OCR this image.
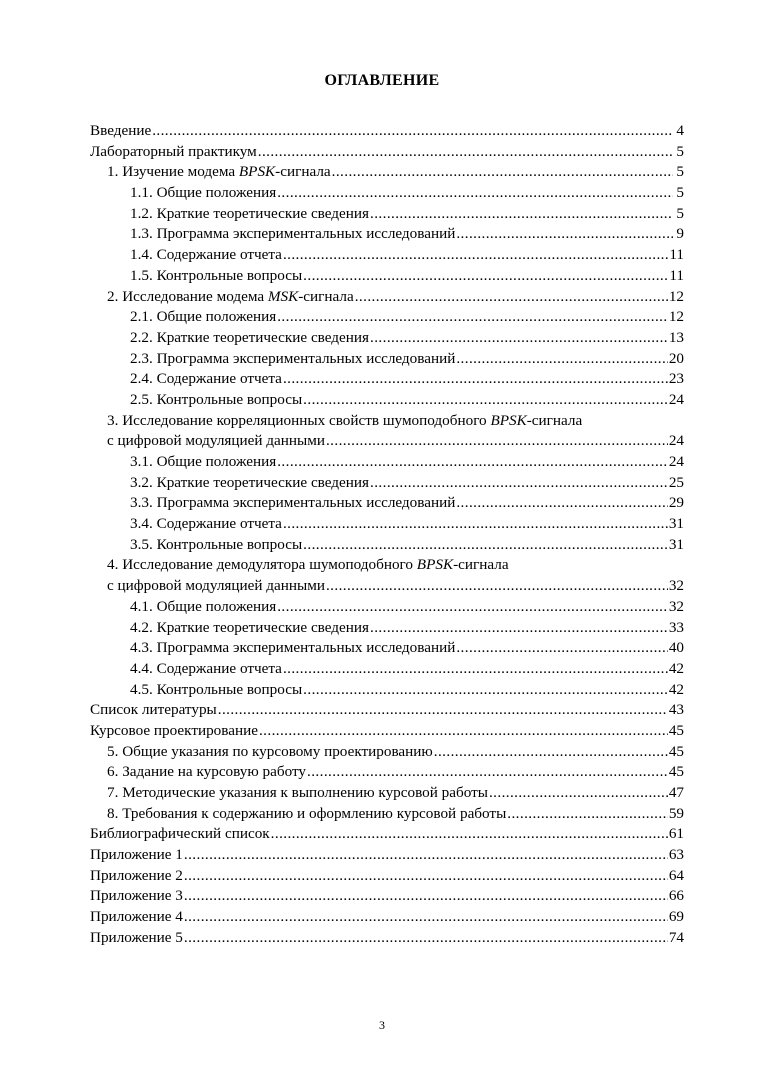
ОГЛАВЛЕНИЕ
Введение .....	4
Лабораторный практикум .....	5
1. Изучение модема BPSK-сигнала .....	5
1.1. Общие положения .....	5
1.2. Краткие теоретические сведения .....	5
1.3. Программа экспериментальных исследований .....	9
1.4. Содержание отчета .....	11
1.5. Контрольные вопросы .....	11
2. Исследование модема MSK-сигнала .....	12
2.1. Общие положения .....	12
2.2. Краткие теоретические сведения .....	13
2.3. Программа экспериментальных исследований .....	20
2.4. Содержание отчета .....	23
2.5. Контрольные вопросы .....	24
3. Исследование корреляционных свойств шумоподобного BPSK-сигнала
с цифровой модуляцией данными .....	24
3.1. Общие положения .....	24
3.2. Краткие теоретические сведения .....	25
3.3. Программа экспериментальных исследований .....	29
3.4. Содержание отчета .....	31
3.5. Контрольные вопросы .....	31
4. Исследование демодулятора шумоподобного BPSK-сигнала
с цифровой модуляцией данными .....	32
4.1. Общие положения .....	32
4.2. Краткие теоретические сведения .....	33
4.3. Программа экспериментальных исследований .....	40
4.4. Содержание отчета .....	42
4.5. Контрольные вопросы .....	42
Список литературы .....	43
Курсовое проектирование .....	45
5. Общие указания по курсовому проектированию .....	45
6. Задание на курсовую работу .....	45
7. Методические указания к выполнению курсовой работы .....	47
8. Требования к содержанию и оформлению курсовой работы .....	59
Библиографический список .....	61
Приложение 1 .....	63
Приложение 2 .....	64
Приложение 3 .....	66
Приложение 4 .....	69
Приложение 5 .....	74
3
